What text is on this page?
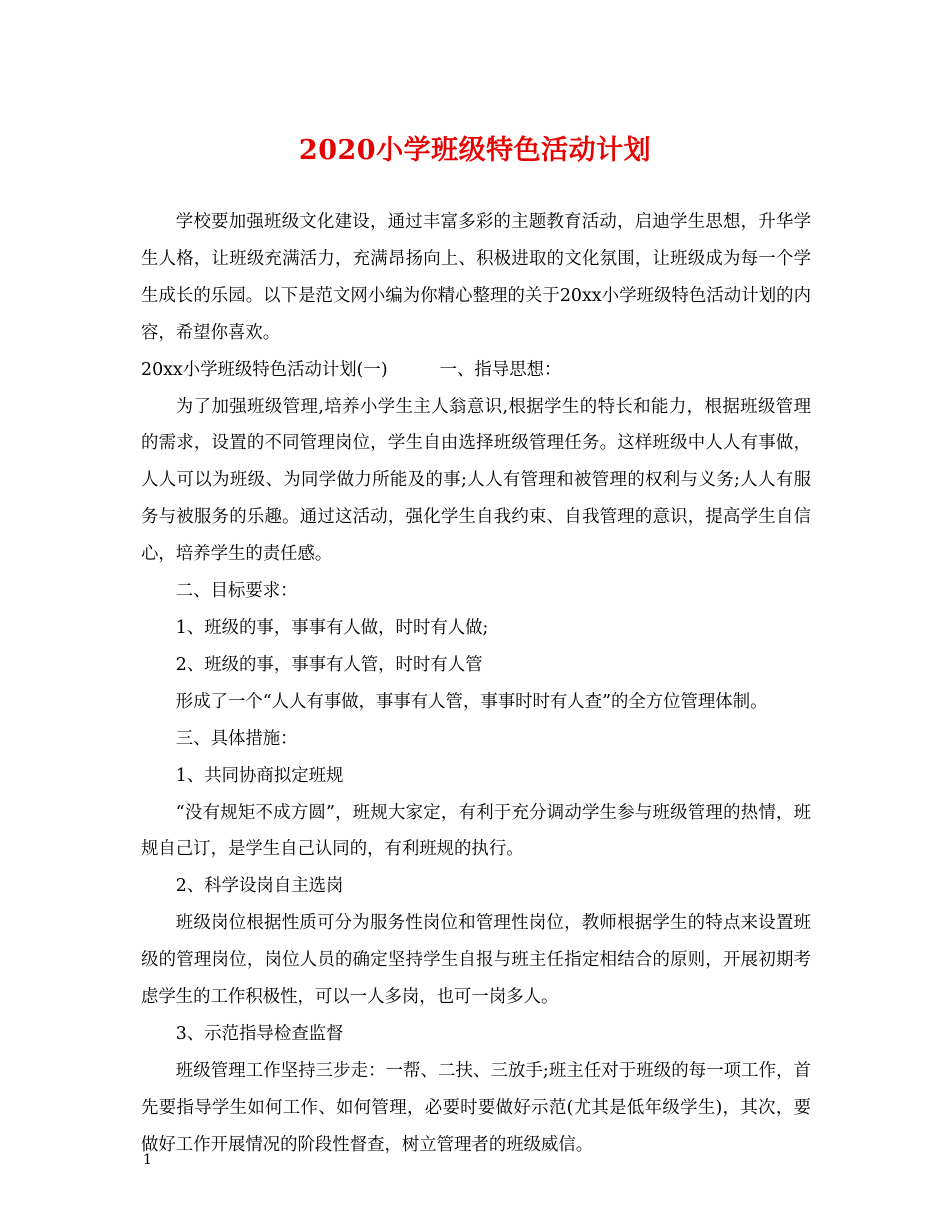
2020小学班级特色活动计划

学校要加强班级文化建设，通过丰富多彩的主题教育活动，启迪学生思想，升华学生人格，让班级充满活力，充满昂扬向上、积极进取的文化氛围，让班级成为每一个学生成长的乐园。以下是范文网小编为你精心整理的关于20xx小学班级特色活动计划的内容，希望你喜欢。

20xx小学班级特色活动计划(一)	一、指导思想：

为了加强班级管理,培养小学生主人翁意识,根据学生的特长和能力，根据班级管理的需求，设置的不同管理岗位，学生自由选择班级管理任务。这样班级中人人有事做，人人可以为班级、为同学做力所能及的事;人人有管理和被管理的权利与义务;人人有服务与被服务的乐趣。通过这活动，强化学生自我约束、自我管理的意识，提高学生自信心，培养学生的责任感。

二、目标要求：

1、班级的事，事事有人做，时时有人做;

2、班级的事，事事有人管，时时有人管

形成了一个“人人有事做，事事有人管，事事时时有人查”的全方位管理体制。

三、具体措施：

1、共同协商拟定班规

“没有规矩不成方圆”，班规大家定，有利于充分调动学生参与班级管理的热情，班规自己订，是学生自己认同的，有利班规的执行。

2、科学设岗自主选岗

班级岗位根据性质可分为服务性岗位和管理性岗位，教师根据学生的特点来设置班级的管理岗位，岗位人员的确定坚持学生自报与班主任指定相结合的原则，开展初期考虑学生的工作积极性，可以一人多岗，也可一岗多人。

3、示范指导检查监督

班级管理工作坚持三步走：一帮、二扶、三放手;班主任对于班级的每一项工作，首先要指导学生如何工作、如何管理，必要时要做好示范(尤其是低年级学生)，其次，要做好工作开展情况的阶段性督查，树立管理者的班级威信。

1
